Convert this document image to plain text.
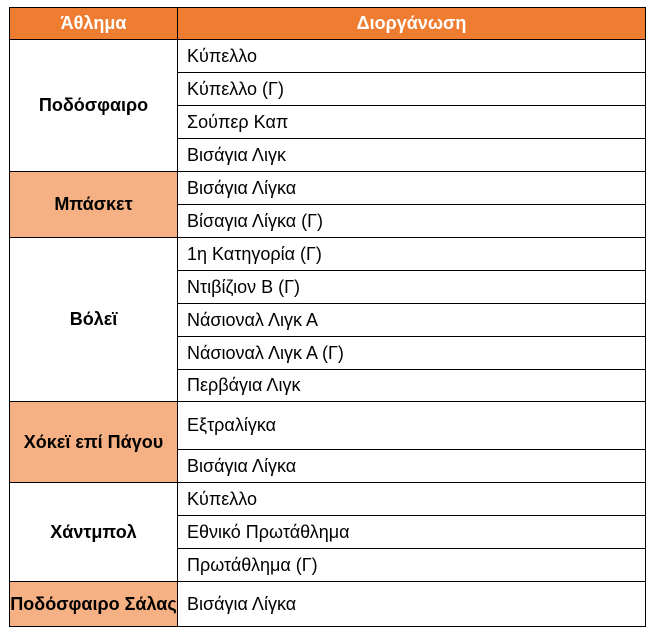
Άθλημα	Διοργάνωση
Ποδόσφαιρο	Κύπελλο
	Κύπελλο (Γ)
	Σούπερ Καπ
	Βισάγια Λιγκ
Μπάσκετ	Βισάγια Λίγκα
	Βίσαγια Λίγκα (Γ)
Βόλεϊ	1η Κατηγορία (Γ)
	Ντιβίζιον Β (Γ)
	Νάσιοναλ Λιγκ Α
	Νάσιοναλ Λιγκ Α (Γ)
	Περβάγια Λιγκ
Χόκεϊ επί Πάγου	Εξτραλίγκα
	Βισάγια Λίγκα
Χάντμπολ	Κύπελλο
	Εθνικό Πρωτάθλημα
	Πρωτάθλημα (Γ)
Ποδόσφαιρο Σάλας	Βισάγια Λίγκα
